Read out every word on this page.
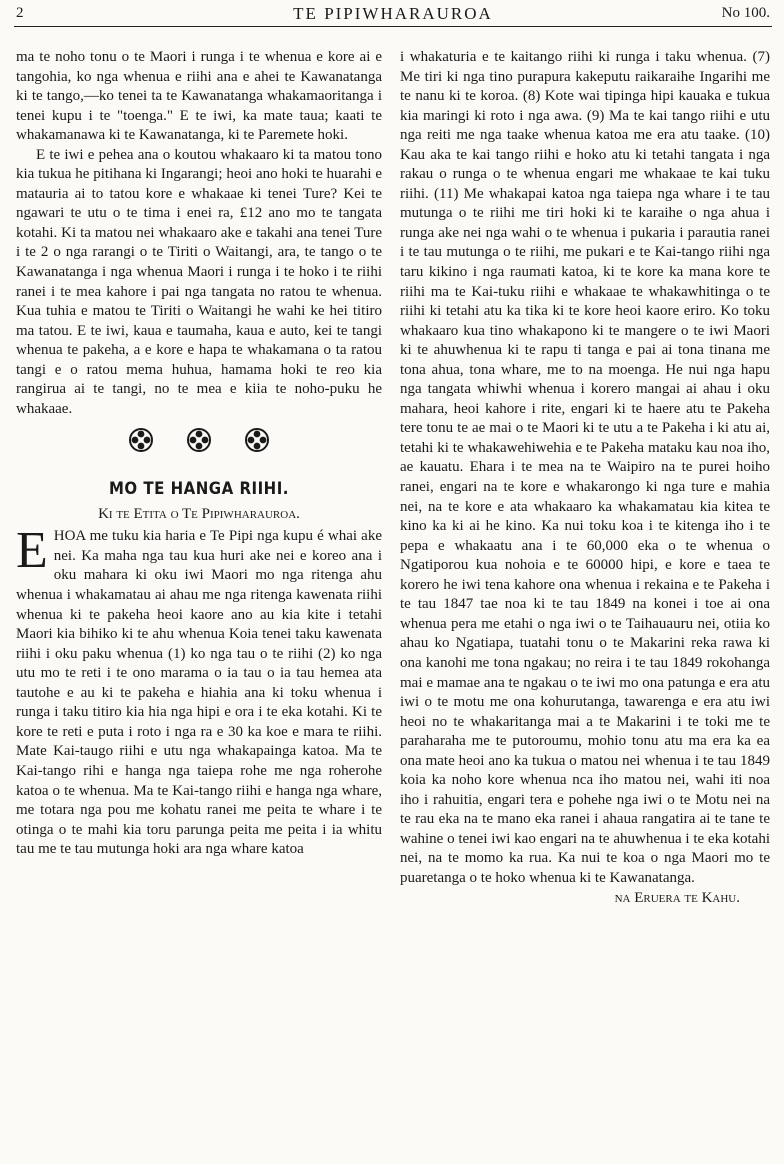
2	TE PIPIWHARAUROA	No 100.

ma te noho tonu o te Maori i runga i te whenua e kore ai e tangohia, ko nga whenua e riihi ana e ahei te Kawanatanga ki te tango,—ko tenei ta te Kawanatanga whakamaoritanga i tenei kupu i te "toenga." E te iwi, ka mate taua; kaati te whakamanawa ki te Kawanatanga, ki te Paremete hoki.

E te iwi e pehea ana o koutou whakaaro ki ta matou tono kia tukua he pitihana ki Ingarangi; heoi ano hoki te huarahi e matauria ai to tatou kore e whakaae ki tenei Ture? Kei te ngawari te utu o te tima i enei ra, £12 ano mo te tangata kotahi. Ki ta matou nei whakaaro ake e takahi ana tenei Ture i te 2 o nga rarangi o te Tiriti o Waitangi, ara, te tango o te Kawanatanga i nga whenua Maori i runga i te hoko i te riihi ranei i te mea kahore i pai nga tangata no ratou te whenua. Kua tuhia e matou te Tiriti o Waitangi he wahi ke hei titiro ma tatou. E te iwi, kaua e taumaha, kaua e auto, kei te tangi whenua te pakeha, a e kore e hapa te whakamana o ta ratou tangi e o ratou mema huhua, hamama hoki te reo kia rangirua ai te tangi, no te mea e kiia te noho-puku he whakaae.

MO TE HANGA RIIHI.
Ki te Etita o Te Pipiwharauroa.

EHOA me tuku kia haria e Te Pipi nga kupu é whai ake nei. Ka maha nga tau kua huri ake nei e koreo ana i oku mahara ki oku iwi Maori mo nga ritenga ahu whenua i whakamatau ai ahau me nga ritenga kawenata riihi whenua ki te pakeha heoi kaore ano au kia kite i tetahi Maori kia bihiko ki te ahu whenua Koia tenei taku kawenata riihi i oku paku whenua (1) ko nga tau o te riihi (2) ko nga utu mo te reti i te ono marama o ia tau o ia tau hemea ata tautohe e au ki te pakeha e hiahia ana ki toku whenua i runga i taku titiro kia hia nga hipi e ora i te eka kotahi. Ki te kore te reti e puta i roto i nga ra e 30 ka koe e mara te riihi. Mate Kai-taugo riihi e utu nga whakapainga katoa. Ma te Kai-tango rihi e hanga nga taiepa rohe me nga roherohe katoa o te whenua. Ma te Kai-tango riihi e hanga nga whare, me totara nga pou me kohatu ranei me peita te whare i te otinga o te mahi kia toru parunga peita me peita i ia whitu tau me te tau mutunga hoki ara nga whare katoa

i whakaturia e te kaitango riihi ki runga i taku whenua. (7) Me tiri ki nga tino purapura kakeputu raikaraihe Ingarihi me te nanu ki te koroa. (8) Kote wai tipinga hipi kauaka e tukua kia maringi ki roto i nga awa. (9) Ma te kai tango riihi e utu nga reiti me nga taake whenua katoa me era atu taake. (10) Kau aka te kai tango riihi e hoko atu ki tetahi tangata i nga rakau o runga o te whenua engari me whakaae te kai tuku riihi. (11) Me whakapai katoa nga taiepa nga whare i te tau mutunga o te riihi me tiri hoki ki te karaihe o nga ahua i runga ake nei nga wahi o te whenua i pukaria i parautia ranei i te tau mutunga o te riihi, me pukari e te Kai-tango riihi nga taru kikino i nga raumati katoa, ki te kore ka mana kore te riihi ma te Kai-tuku riihi e whakaae te whakawhitinga o te riihi ki tetahi atu ka tika ki te kore heoi kaore eriro. Ko toku whakaaro kua tino whakapono ki te mangere o te iwi Maori ki te ahuwhenua ki te rapu ti tanga e pai ai tona tinana me tona ahua, tona whare, me to na moenga. He nui nga hapu nga tangata whiwhi whenua i korero mangai ai ahau i oku mahara, heoi kahore i rite, engari ki te haere atu te Pakeha tere tonu te ae mai o te Maori ki te utu a te Pakeha i ki atu ai, tetahi ki te whakawehiwehia e te Pakeha mataku kau noa iho, ae kauatu. Ehara i te mea na te Waipiro na te purei hoiho ranei, engari na te kore e whakarongo ki nga ture e mahia nei, na te kore e ata whakaaro ka whakamatau kia kitea te kino ka ki ai he kino. Ka nui toku koa i te kitenga iho i te pepa e whakaatu ana i te 60,000 eka o te whenua o Ngatiporou kua nohoia e te 60000 hipi, e kore e taea te korero he iwi tena kahore ona whenua i rekaina e te Pakeha i te tau 1847 tae noa ki te tau 1849 na konei i toe ai ona whenua pera me etahi o nga iwi o te Taihauauru nei, otiia ko ahau ko Ngatiapa, tuatahi tonu o te Makarini reka rawa ki ona kanohi me tona ngakau; no reira i te tau 1849 rokohanga mai e mamae ana te ngakau o te iwi mo ona patunga e era atu iwi o te motu me ona kohurutanga, tawarenga e era atu iwi heoi no te whakaritanga mai a te Makarini i te toki me te paraharaha me te putoroumu, mohio tonu atu ma era ka ea ona mate heoi ano ka tukua o matou nei whenua i te tau 1849 koia ka noho kore whenua nca iho matou nei, wahi iti noa iho i rahuitia, engari tera e pohehe nga iwi o te Motu nei na te rau eka na te mano eka ranei i ahaua rangatira ai te tane te wahine o tenei iwi kao engari na te ahuwhenua i te eka kotahi nei, na te momo ka rua. Ka nui te koa o nga Maori mo te puaretanga o te hoko whenua ki te Kawanatanga.

na Eruera te Kahu.
